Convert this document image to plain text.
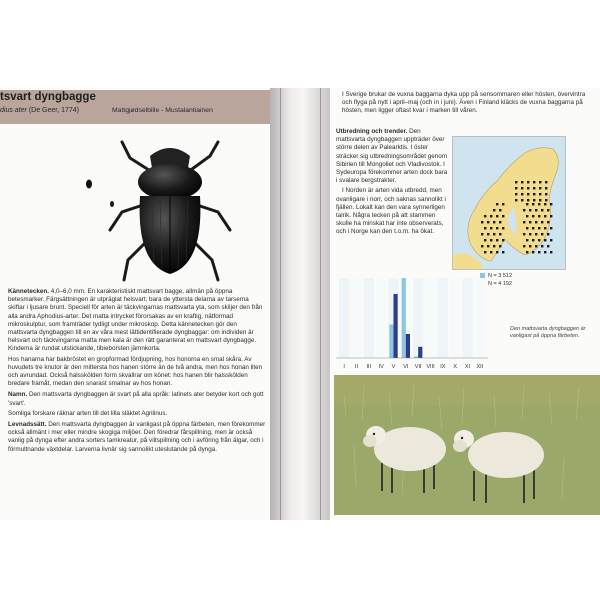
tsvart dyngbagge
dius ater (De Geer, 1774)	Mattgjødselbille - Mustalantiainen

Kännetecken. 4,0–6,0 mm. En karakteristiskt mattsvart bagge, allmän på öppna betesmarker. Färgsättningen är utpräglat helsvart; bara de yttersta delarna av tarserna skiftar i ljusare brunt. Speciell för arten är täckvingarnas mattsvarta yta, som skiljer den från alla andra Aphodius-arter. Det matta intrycket förorsakas av en kraftig, nätformad mikroskulptur, som framträder tydligt under mikroskop. Detta kännetecken gör den mattsvarta dyngbaggen till en av våra mest lättidentifierade dyngbaggar: om individen är helsvart och täckvingarna matta men kala är den rätt garanterat en mattsvart dyngbagge. Kindema är rundat utstickande, tibieborsten jämnkorta.

Hos hanarna har bakbröstet en gropformad fördjupning, hos honorna en smal skåra. Av huvudets tre knutor är den mittersta hos hanen störrе än de två andra, men hos honan liten och avrundad. Också halsskölden form skvallrar om könet: hos hanen blir halsskölden bredare framåt, medan den snarast smalnar av hos honan.

Namn. Den mattsvarta dyngbaggen är svart på alla språk: latinets ater betyder kort och gott 'svart'.

Somliga forskare räknar arten till det lilla släktet Agrilinus.

Levnadssätt. Den mattsvarta dyngbaggen är vanligast på öppna färbeten, men förekommer också allmänt i mer eller mindre skogiga miljöer. Den föredrar fårspillning, men är också vanlig på dynga efter andra sorters tamkreatur, på viltspillning och i avföring från älgar, och i förmultnande växtdelar. Larverna livnär sig sannolikt uteslutande på dynga.

I Sverige brukar de vuxna baggarna dyka upp på sensommaren eller hösten, övervintra och flyga på nytt i april–maj (och in i juni). Även i Finland kläcks de vuxna baggarna på hösten, men ligger oftast kvar i marken till våren.

Utbredning och trender. Den mattsvarta dyngbaggen uppträder över större delen av Palearktis. I öster sträcker sig utbredningsområdet genom Sibirien till Mongoliet och Vladivostok. I Sydeuropa förekommer arten dock bara i svalare bergstrakter.

I Norden är arten vida utbredd, men ovanligare i norr, och saknas sannolikt i fjällen. Lokalt kan den vara synnerligen talrik. Några tecken på att stammen skulle ha minskat har inte observerats, och i Norge kan den t.o.m. ha ökat.

N = 3 512
N = 4 192
I II III IV V VI VII VIII IX X XI XII
Den mattsvarta dyngbaggen är vanligast på öppna färbeten.
